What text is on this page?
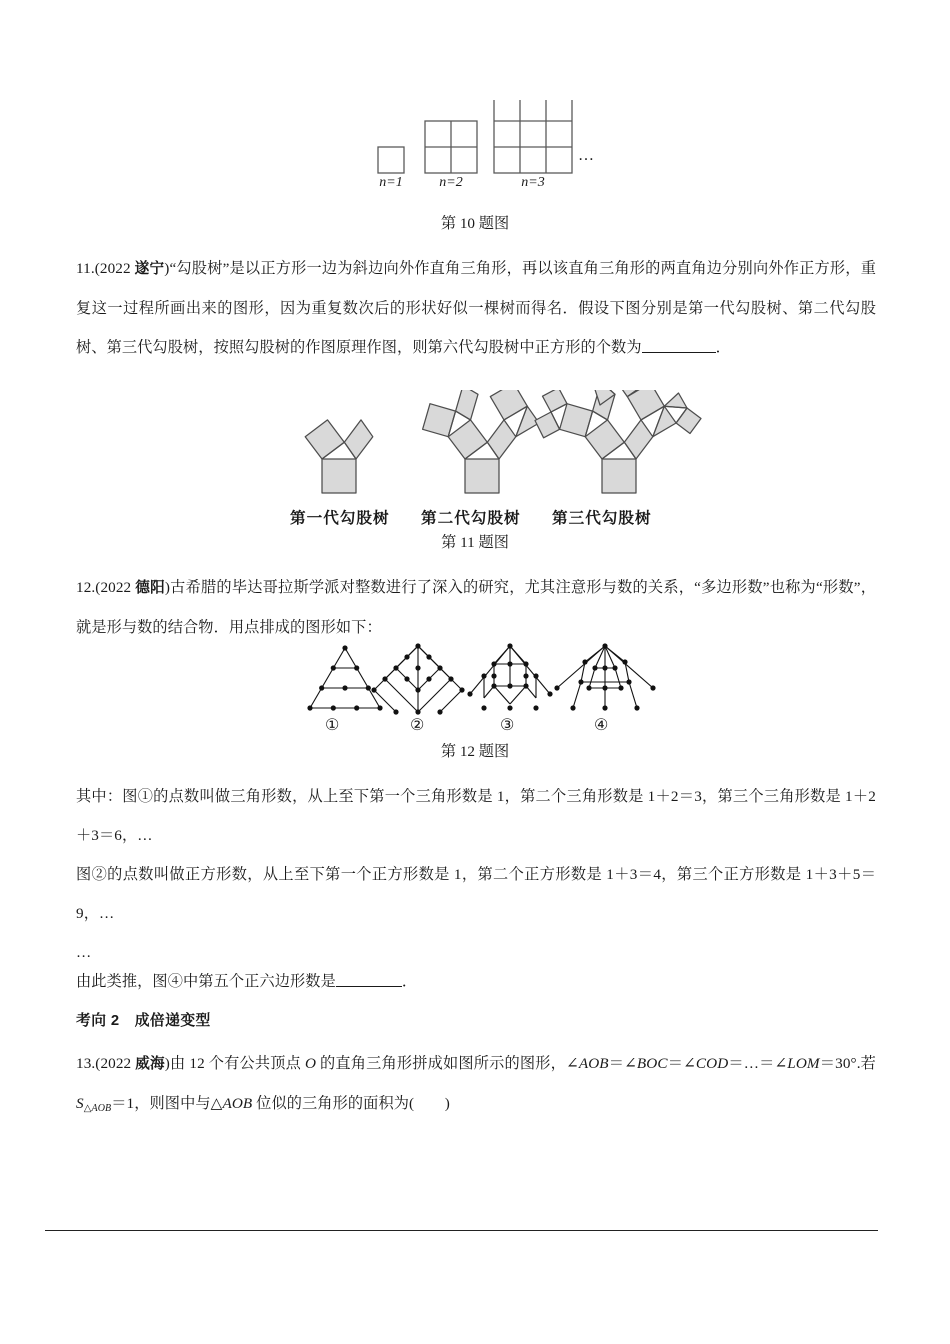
…
n=1	n=2	n=3
第 10 题图
11.(2022 遂宁)“勾股树”是以正方形一边为斜边向外作直角三角形，再以该直角三角形的两直角边分别向外作正方形，重复这一过程所画出来的图形，因为重复数次后的形状好似一棵树而得名．假设下图分别是第一代勾股树、第二代勾股树、第三代勾股树，按照勾股树的作图原理作图，则第六代勾股树中正方形的个数为	．
第一代勾股树 第二代勾股树 第三代勾股树
第 11 题图
12.(2022 德阳)古希腊的毕达哥拉斯学派对整数进行了深入的研究，尤其注意形与数的关系，“多边形数”也称为“形数”，就是形与数的结合物．用点排成的图形如下：
①	②	③	④
第 12 题图
其中：图①的点数叫做三角形数，从上至下第一个三角形数是 1，第二个三角形数是 1＋2＝3，第三个三角形数是 1＋2＋3＝6，…
图②的点数叫做正方形数，从上至下第一个正方形数是 1，第二个正方形数是 1＋3＝4，第三个正方形数是 1＋3＋5＝9，…
…
由此类推，图④中第五个正六边形数是	．
考向 2　成倍递变型
13.(2022 威海)由 12 个有公共顶点 O 的直角三角形拼成如图所示的图形，∠AOB＝∠BOC＝∠COD＝…＝∠LOM＝30°.若 $S_{\triangle AOB}=1$，则图中与△AOB 位似的三角形的面积为(　　)
